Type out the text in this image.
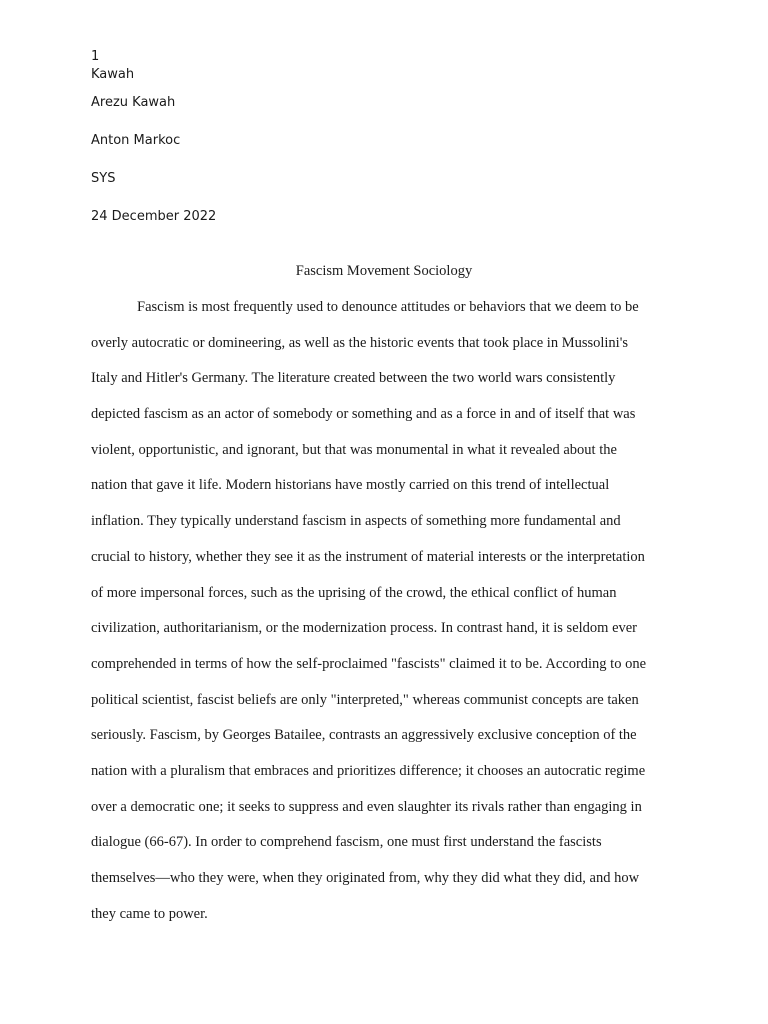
1
Kawah
Arezu Kawah
Anton Markoc
SYS
24 December 2022
Fascism Movement Sociology
Fascism is most frequently used to denounce attitudes or behaviors that we deem to be
overly autocratic or domineering, as well as the historic events that took place in Mussolini's
Italy and Hitler's Germany. The literature created between the two world wars consistently
depicted fascism as an actor of somebody or something and as a force in and of itself that was
violent, opportunistic, and ignorant, but that was monumental in what it revealed about the
nation that gave it life. Modern historians have mostly carried on this trend of intellectual
inflation. They typically understand fascism in aspects of something more fundamental and
crucial to history, whether they see it as the instrument of material interests or the interpretation
of more impersonal forces, such as the uprising of the crowd, the ethical conflict of human
civilization, authoritarianism, or the modernization process. In contrast hand, it is seldom ever
comprehended in terms of how the self-proclaimed "fascists" claimed it to be. According to one
political scientist, fascist beliefs are only "interpreted," whereas communist concepts are taken
seriously. Fascism, by Georges Batailee, contrasts an aggressively exclusive conception of the
nation with a pluralism that embraces and prioritizes difference; it chooses an autocratic regime
over a democratic one; it seeks to suppress and even slaughter its rivals rather than engaging in
dialogue (66-67). In order to comprehend fascism, one must first understand the fascists
themselves—who they were, when they originated from, why they did what they did, and how
they came to power.
